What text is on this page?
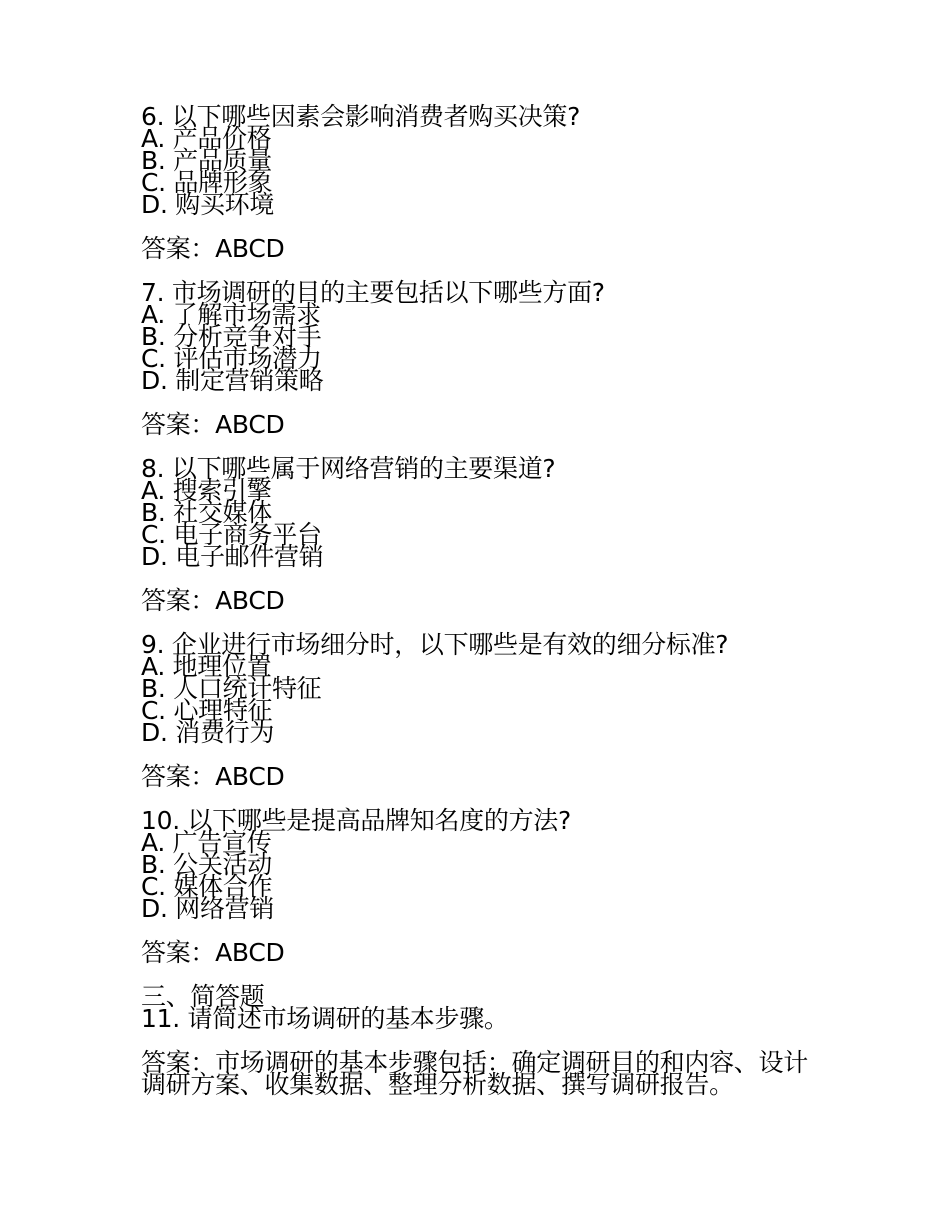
6. 以下哪些因素会影响消费者购买决策?
A. 产品价格
B. 产品质量
C. 品牌形象
D. 购买环境
答案：ABCD
7. 市场调研的目的主要包括以下哪些方面?
A. 了解市场需求
B. 分析竞争对手
C. 评估市场潜力
D. 制定营销策略
答案：ABCD
8. 以下哪些属于网络营销的主要渠道?
A. 搜索引擎
B. 社交媒体
C. 电子商务平台
D. 电子邮件营销
答案：ABCD
9. 企业进行市场细分时，以下哪些是有效的细分标准?
A. 地理位置
B. 人口统计特征
C. 心理特征
D. 消费行为
答案：ABCD
10. 以下哪些是提高品牌知名度的方法?
A. 广告宣传
B. 公关活动
C. 媒体合作
D. 网络营销
答案：ABCD
三、简答题
11. 请简述市场调研的基本步骤。
答案：市场调研的基本步骤包括：确定调研目的和内容、设计
调研方案、收集数据、整理分析数据、撰写调研报告。
